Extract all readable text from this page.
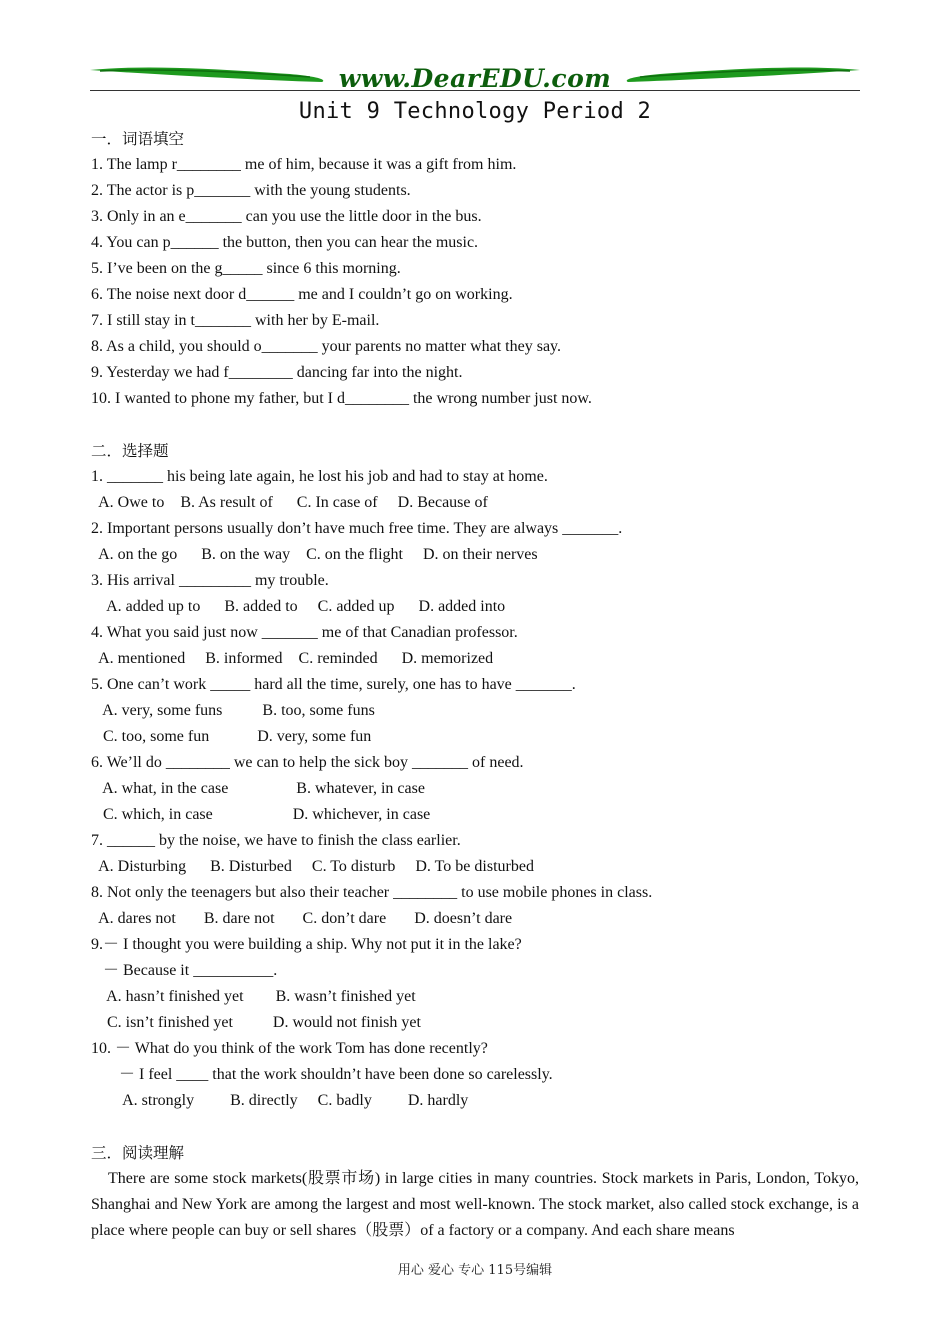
www.DearEDU.com
Unit 9 Technology Period 2
一．词语填空
1. The lamp r________ me of him, because it was a gift from him.
2. The actor is p_______ with the young students.
3. Only in an e_______ can you use the little door in the bus.
4. You can p______ the button, then you can hear the music.
5. I’ve been on the g_____ since 6 this morning.
6. The noise next door d______ me and I couldn’t go on working.
7. I still stay in t_______ with her by E-mail.
8. As a child, you should o_______ your parents no matter what they say.
9. Yesterday we had f________ dancing far into the night.
10. I wanted to phone my father, but I d________ the wrong number just now.
二．选择题
1. _______ his being late again, he lost his job and had to stay at home.
A. Owe to    B. As result of      C. In case of     D. Because of
2. Important persons usually don’t have much free time. They are always _______.
A. on the go      B. on the way    C. on the flight     D. on their nerves
3. His arrival _________ my trouble.
A. added up to      B. added to     C. added up      D. added into
4. What you said just now _______ me of that Canadian professor.
A. mentioned     B. informed    C. reminded      D. memorized
5. One can’t work _____ hard all the time, surely, one has to have _______.
A. very, some funs          B. too, some funs
C. too, some fun            D. very, some fun
6. We’ll do ________ we can to help the sick boy _______ of need.
A. what, in the case                 B. whatever, in case
C. which, in case                    D. whichever, in case
7. ______ by the noise, we have to finish the class earlier.
A. Disturbing      B. Disturbed     C. To disturb     D. To be disturbed
8. Not only the teenagers but also their teacher ________ to use mobile phones in class.
A. dares not       B. dare not       C. don’t dare       D. doesn’t dare
9.－ I thought you were building a ship. Why not put it in the lake?
－ Because it __________.
A. hasn’t finished yet        B. wasn’t finished yet
C. isn’t finished yet          D. would not finish yet
10. － What do you think of the work Tom has done recently?
－ I feel ____ that the work shouldn’t have been done so carelessly.
A. strongly         B. directly     C. badly         D. hardly
三．阅读理解
There are some stock markets(股票市场) in large cities in many countries. Stock markets in Paris, London, Tokyo, Shanghai and New York are among the largest and most well-known. The stock market, also called stock exchange, is a place where people can buy or sell shares（股票）of a factory or a company. And each share means
用心 爱心 专心 115号编辑
